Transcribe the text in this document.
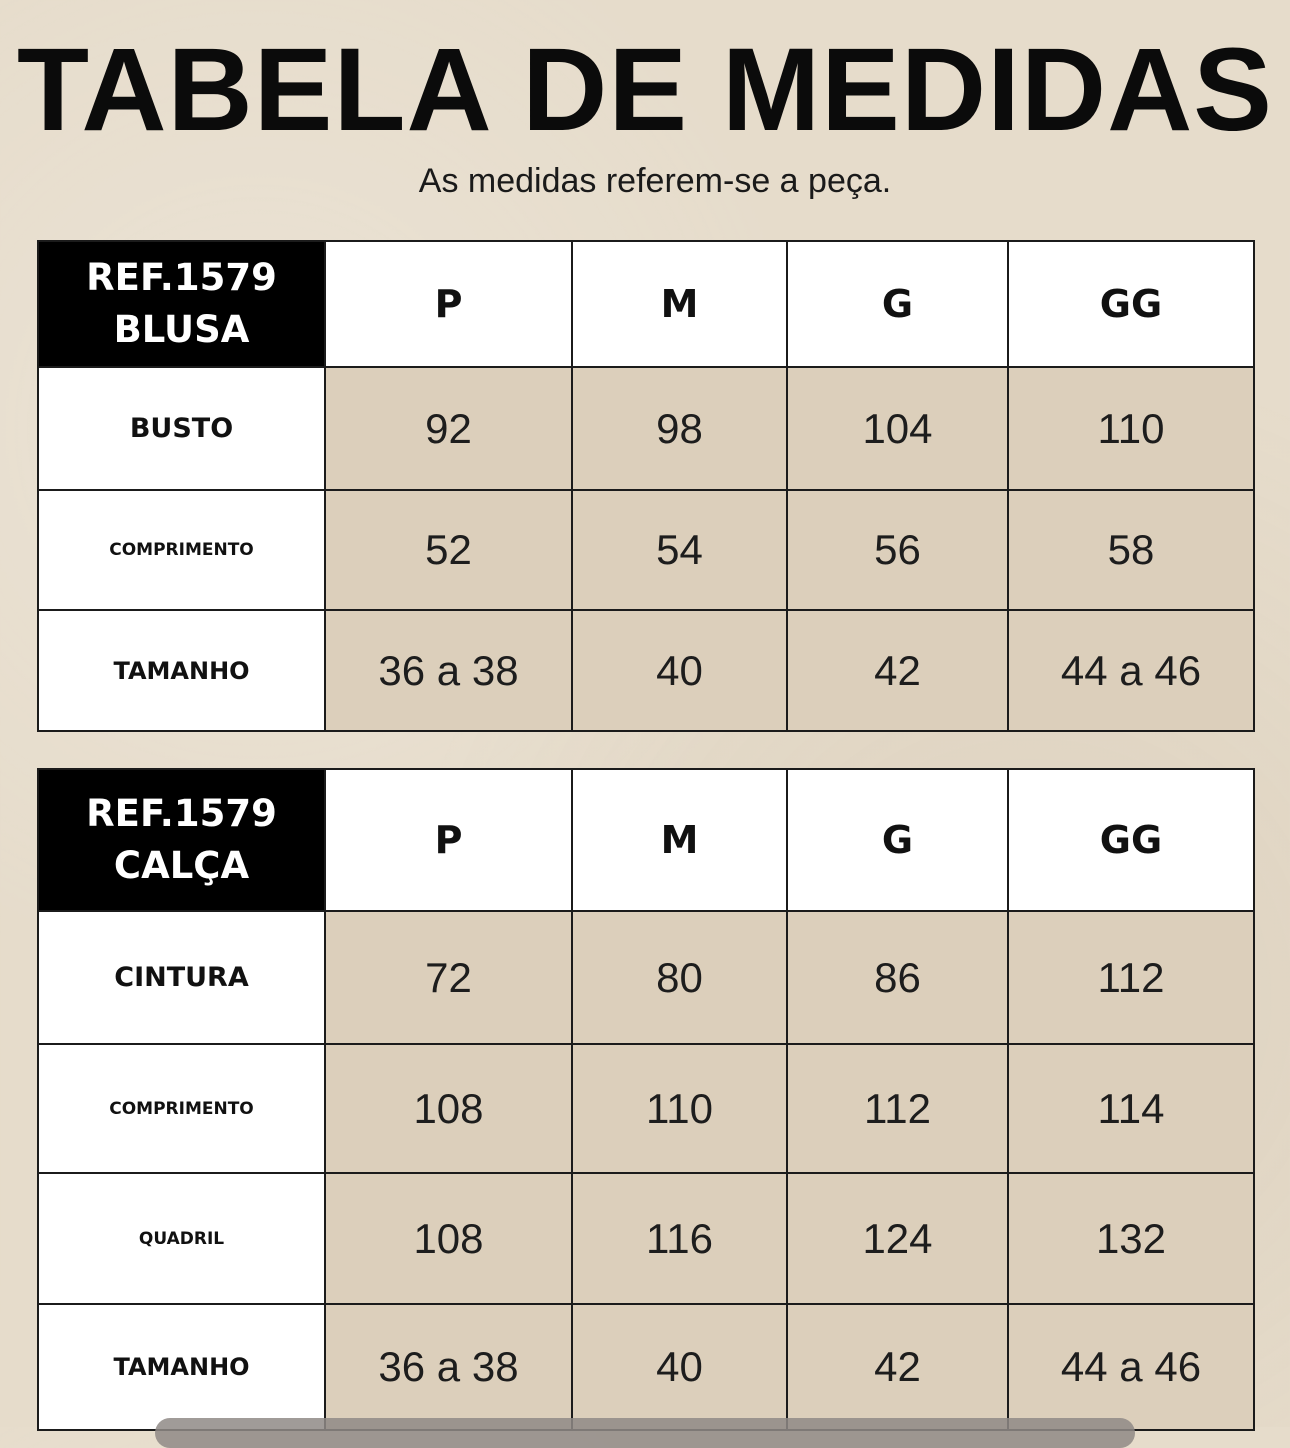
TABELA DE MEDIDAS
As medidas referem-se a peça.
REF.1579
BLUSA	P	M	G	GG
BUSTO	92	98	104	110
COMPRIMENTO	52	54	56	58
TAMANHO	36 a 38	40	42	44 a 46
REF.1579
CALÇA	P	M	G	GG
CINTURA	72	80	86	112
COMPRIMENTO	108	110	112	114
QUADRIL	108	116	124	132
TAMANHO	36 a 38	40	42	44 a 46
